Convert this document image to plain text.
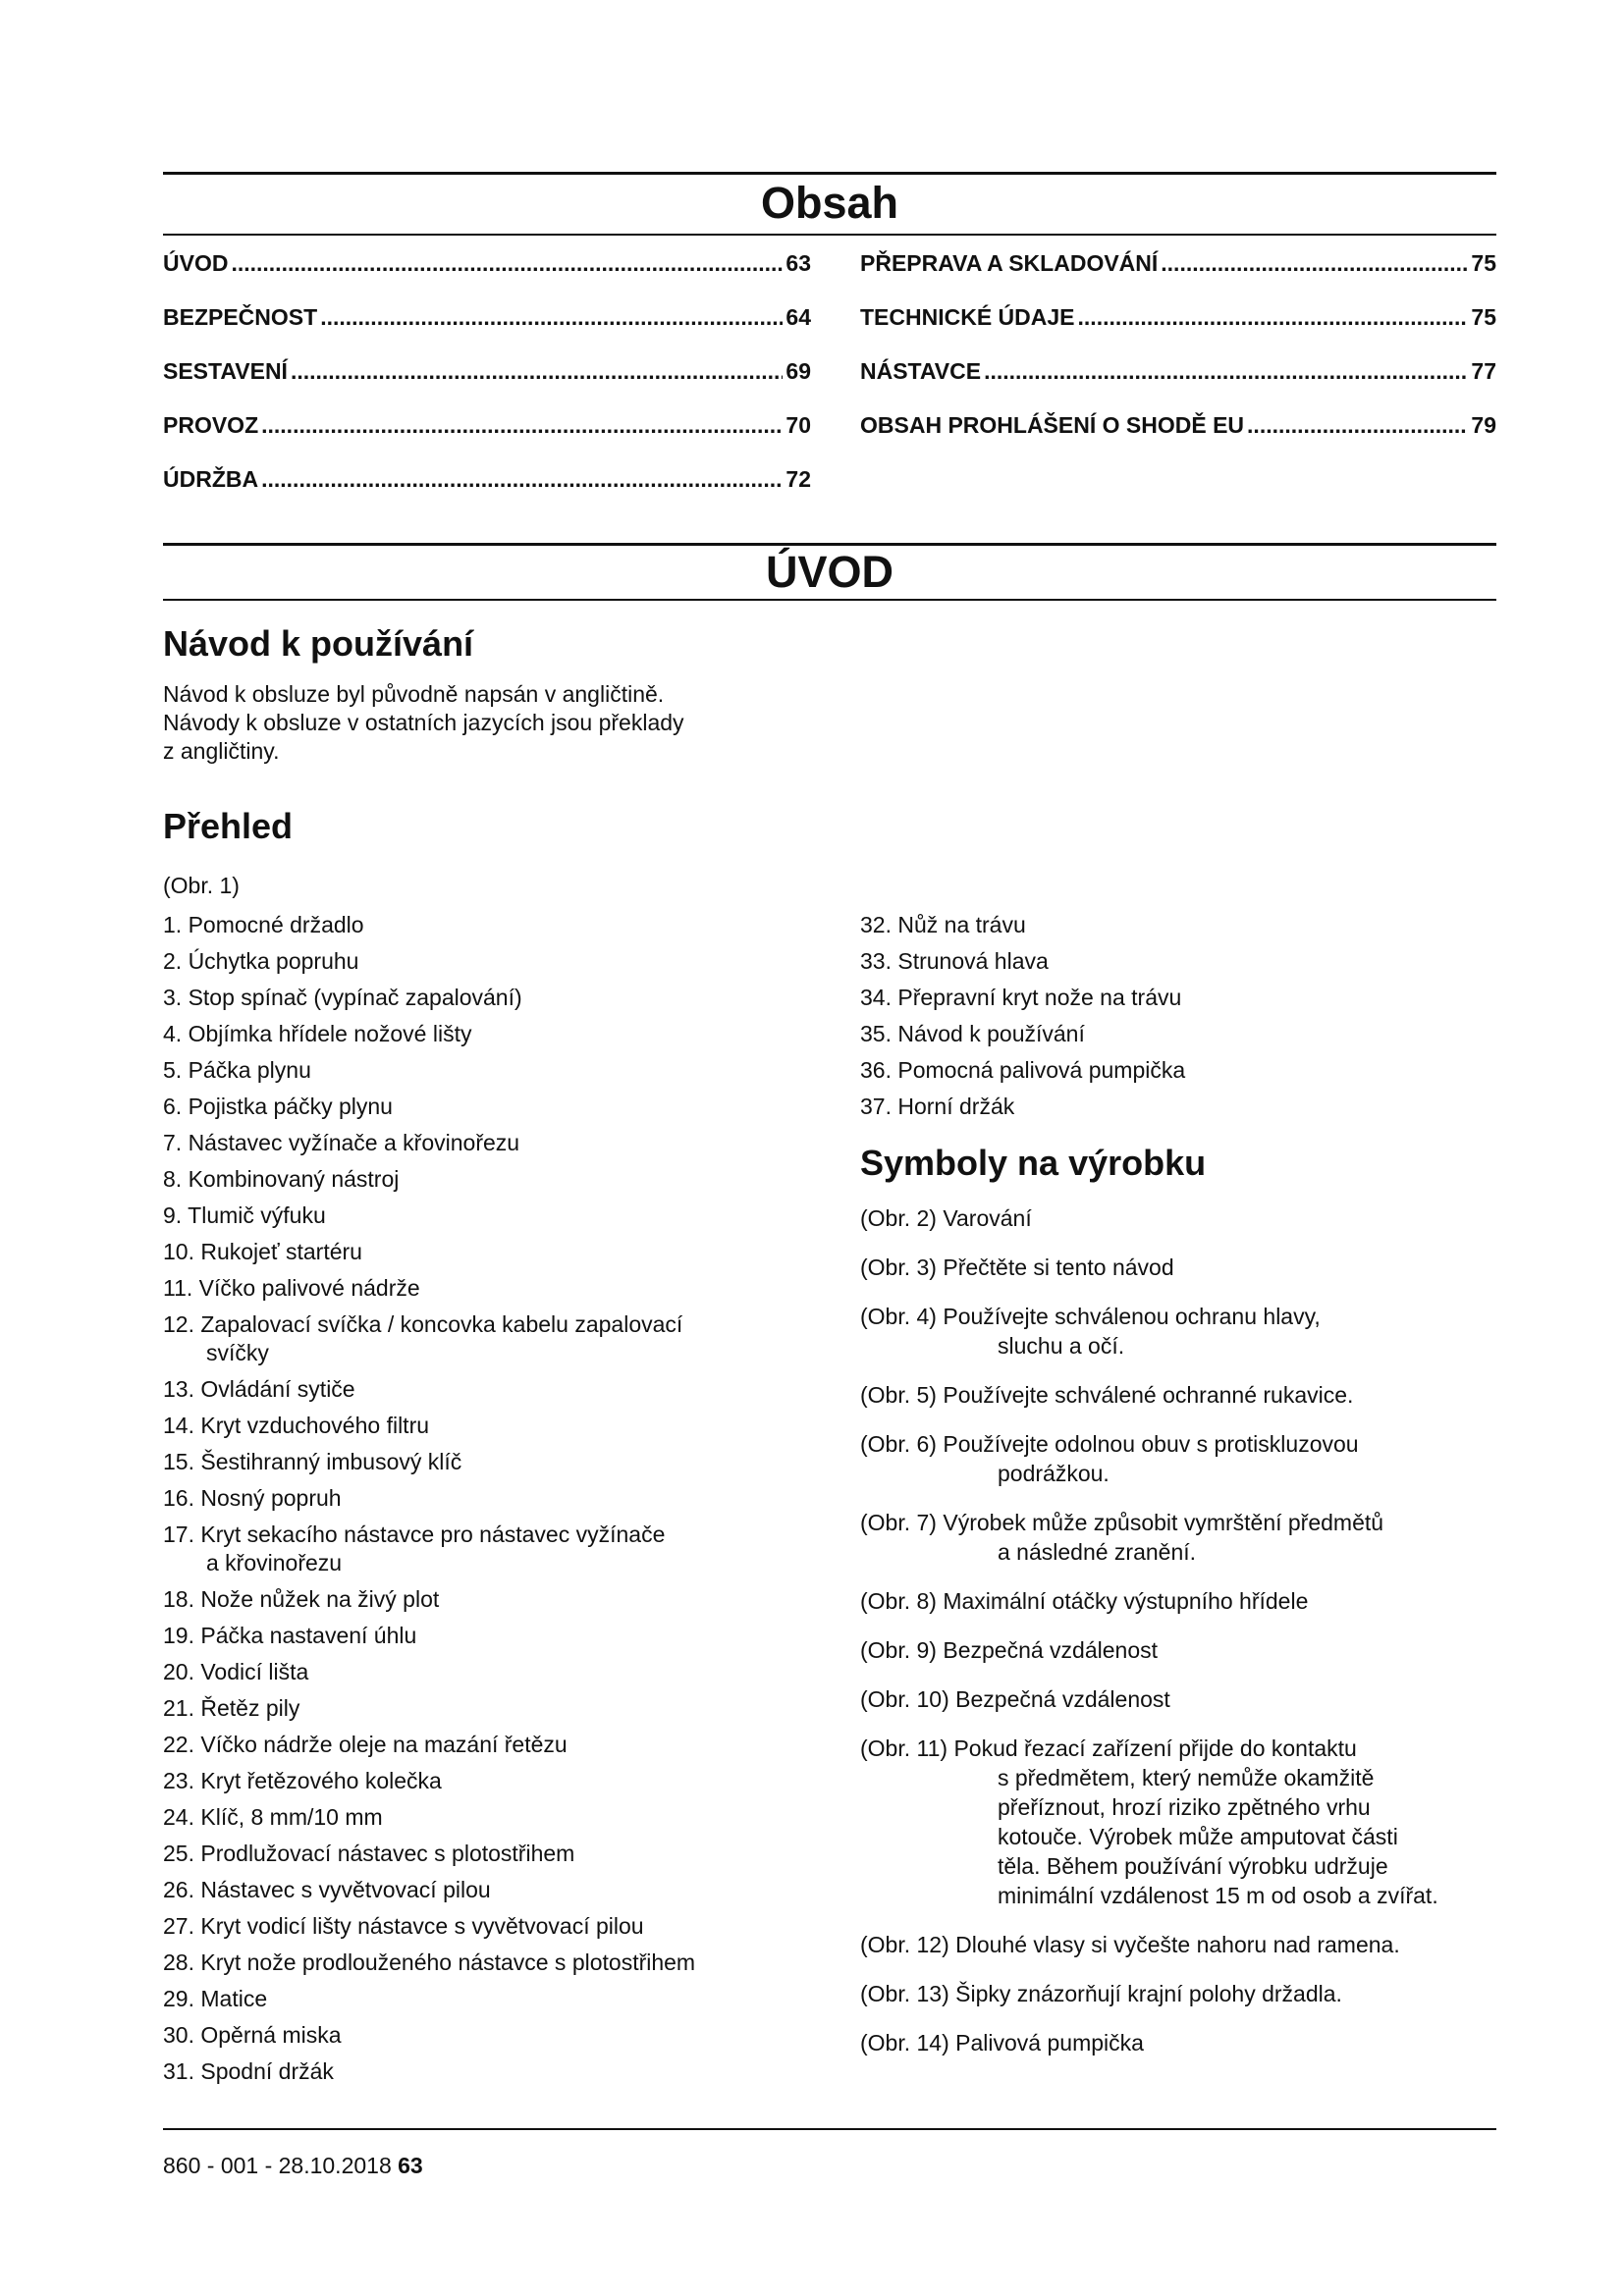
Obsah
ÚVOD .....	63
BEZPEČNOST .....	64
SESTAVENÍ .....	69
PROVOZ .....	70
ÚDRŽBA .....	72
PŘEPRAVA A SKLADOVÁNÍ .....	75
TECHNICKÉ ÚDAJE .....	75
NÁSTAVCE .....	77
OBSAH PROHLÁŠENÍ O SHODĚ EU .....	79
ÚVOD
Návod k používání

Návod k obsluze byl původně napsán v angličtině.
Návody k obsluze v ostatních jazycích jsou překlady
z angličtiny.

Přehled

(Obr. 1)

1. Pomocné držadlo
2. Úchytka popruhu
3. Stop spínač (vypínač zapalování)
4. Objímka hřídele nožové lišty
5. Páčka plynu
6. Pojistka páčky plynu
7. Nástavec vyžínače a křovinořezu
8. Kombinovaný nástroj
9. Tlumič výfuku
10. Rukojeť startéru
11. Víčko palivové nádrže
12. Zapalovací svíčka / koncovka kabelu zapalovací
svíčky
13. Ovládání sytiče
14. Kryt vzduchového filtru
15. Šestihranný imbusový klíč
16. Nosný popruh
17. Kryt sekacího nástavce pro nástavec vyžínače
a křovinořezu
18. Nože nůžek na živý plot
19. Páčka nastavení úhlu
20. Vodicí lišta
21. Řetěz pily
22. Víčko nádrže oleje na mazání řetězu
23. Kryt řetězového kolečka
24. Klíč, 8 mm/10 mm
25. Prodlužovací nástavec s plotostřihem
26. Nástavec s vyvětvovací pilou
27. Kryt vodicí lišty nástavce s vyvětvovací pilou
28. Kryt nože prodlouženého nástavce s plotostřihem
29. Matice
30. Opěrná miska
31. Spodní držák
32. Nůž na trávu
33. Strunová hlava
34. Přepravní kryt nože na trávu
35. Návod k používání
36. Pomocná palivová pumpička
37. Horní držák
Symboly na výrobku
(Obr. 2) Varování
(Obr. 3) Přečtěte si tento návod
(Obr. 4) Používejte schválenou ochranu hlavy,
sluchu a očí.
(Obr. 5) Používejte schválené ochranné rukavice.
(Obr. 6) Používejte odolnou obuv s protiskluzovou
podrážkou.
(Obr. 7) Výrobek může způsobit vymrštění předmětů
a následné zranění.
(Obr. 8) Maximální otáčky výstupního hřídele
(Obr. 9) Bezpečná vzdálenost
(Obr. 10) Bezpečná vzdálenost
(Obr. 11) Pokud řezací zařízení přijde do kontaktu
s předmětem, který nemůže okamžitě
přeříznout, hrozí riziko zpětného vrhu
kotouče. Výrobek může amputovat části
těla. Během používání výrobku udržuje
minimální vzdálenost 15 m od osob a zvířat.
(Obr. 12) Dlouhé vlasy si vyčešte nahoru nad ramena.
(Obr. 13) Šipky znázorňují krajní polohy držadla.
(Obr. 14) Palivová pumpička
860 - 001 - 28.10.2018 63
